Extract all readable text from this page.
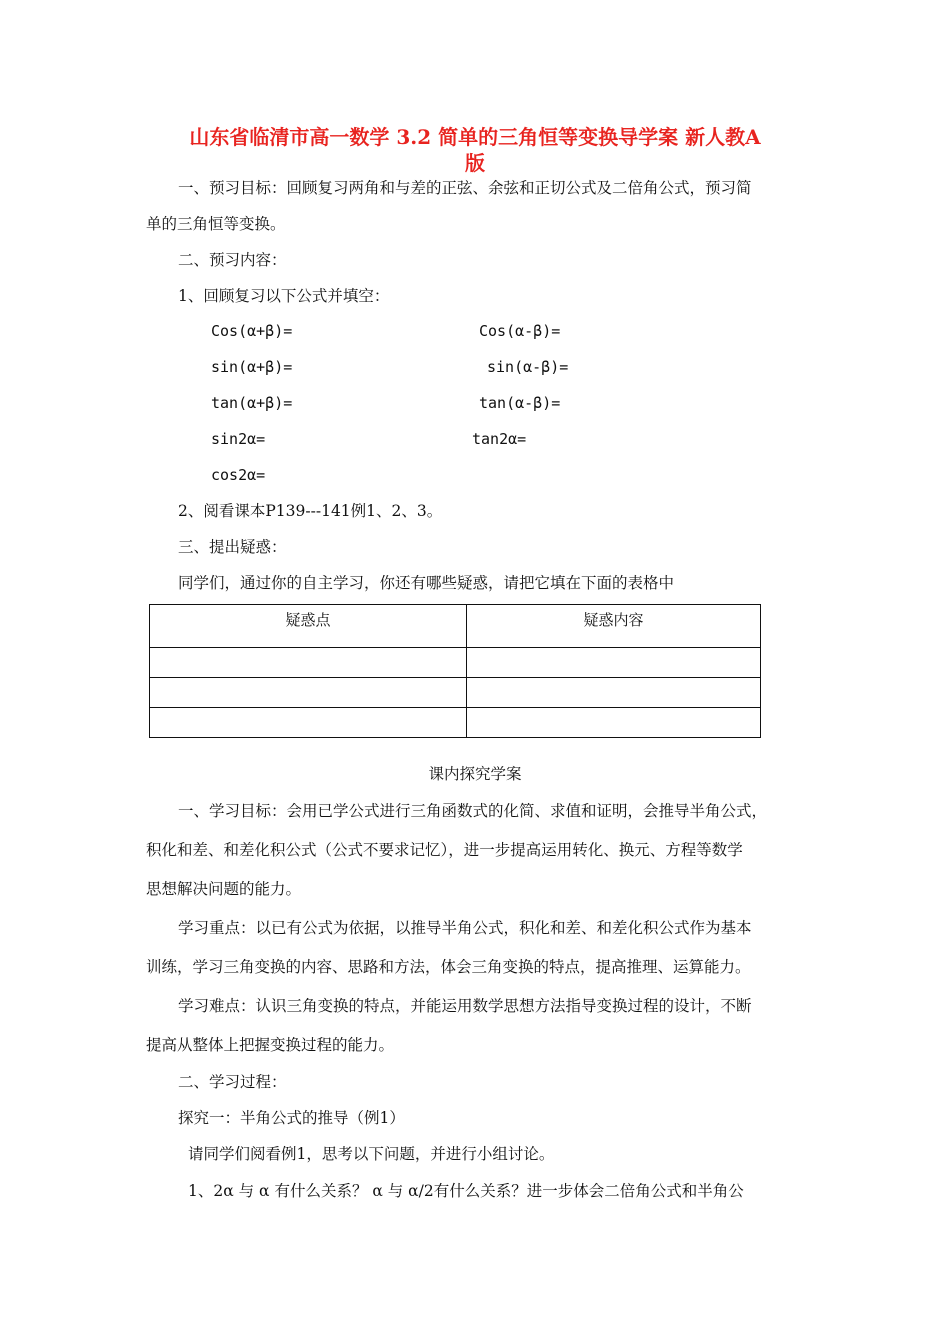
山东省临清市高一数学 3.2 简单的三角恒等变换导学案 新人教A
版
一、预习目标：回顾复习两角和与差的正弦、余弦和正切公式及二倍角公式，预习简
单的三角恒等变换。
二、预习内容：
1、回顾复习以下公式并填空：
Cos(α+β)=	Cos(α-β)=
sin(α+β)=	sin(α-β)=
tan(α+β)=	tan(α-β)=
sin2α=	tan2α=
cos2α=
2、阅看课本P139---141例1、2、3。
三、提出疑惑：
同学们，通过你的自主学习，你还有哪些疑惑，请把它填在下面的表格中
疑惑点	疑惑内容

课内探究学案
一、学习目标：会用已学公式进行三角函数式的化简、求值和证明，会推导半角公式，
积化和差、和差化积公式（公式不要求记忆），进一步提高运用转化、换元、方程等数学
思想解决问题的能力。
学习重点：以已有公式为依据，以推导半角公式，积化和差、和差化积公式作为基本
训练，学习三角变换的内容、思路和方法，体会三角变换的特点，提高推理、运算能力。
学习难点：认识三角变换的特点，并能运用数学思想方法指导变换过程的设计，不断
提高从整体上把握变换过程的能力。
二、学习过程：
探究一：半角公式的推导（例1）
请同学们阅看例1，思考以下问题，并进行小组讨论。
1、2α 与 α 有什么关系？ α 与 α/2有什么关系？进一步体会二倍角公式和半角公
